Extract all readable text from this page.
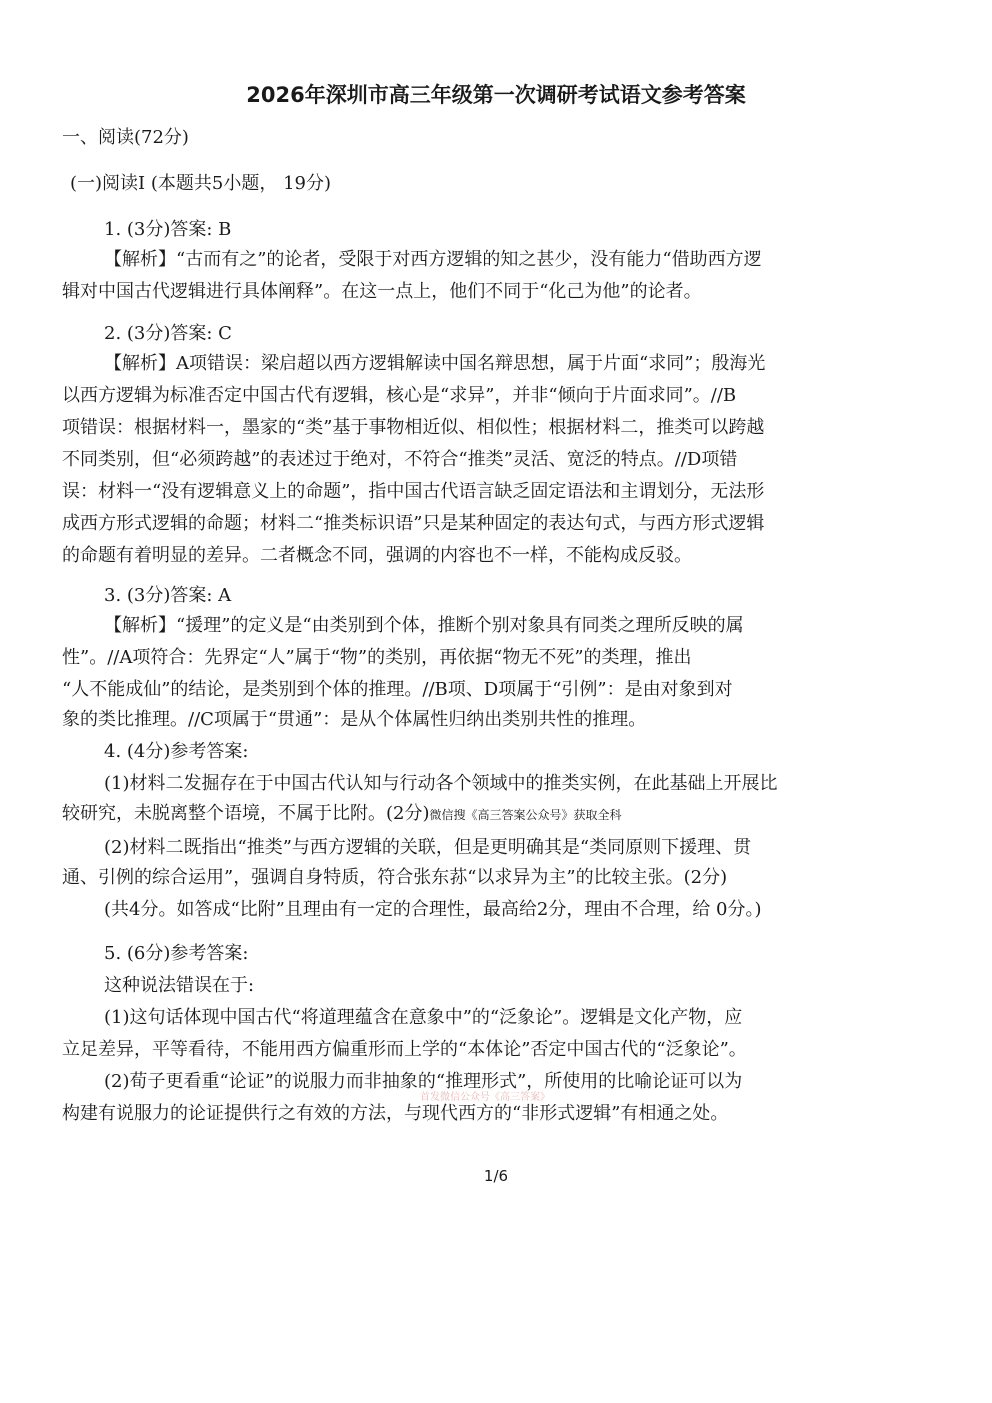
2026年深圳市高三年级第一次调研考试语文参考答案
一、阅读(72分)
(一)阅读Ⅰ (本题共5小题， 19分)
1. (3分)答案: B
【解析】“古而有之”的论者，受限于对西方逻辑的知之甚少，没有能力“借助西方逻
辑对中国古代逻辑进行具体阐释”。在这一点上，他们不同于“化己为他”的论者。
2. (3分)答案: C
【解析】A项错误：梁启超以西方逻辑解读中国名辩思想，属于片面“求同”；殷海光
以西方逻辑为标准否定中国古代有逻辑，核心是“求异”，并非“倾向于片面求同”。//B
项错误：根据材料一，墨家的“类”基于事物相近似、相似性；根据材料二，推类可以跨越
不同类别，但“必须跨越”的表述过于绝对，不符合“推类”灵活、宽泛的特点。//D项错
误：材料一“没有逻辑意义上的命题”，指中国古代语言缺乏固定语法和主谓划分，无法形
成西方形式逻辑的命题；材料二“推类标识语”只是某种固定的表达句式，与西方形式逻辑
的命题有着明显的差异。二者概念不同，强调的内容也不一样，不能构成反驳。
3. (3分)答案: A
【解析】“援理”的定义是“由类别到个体，推断个别对象具有同类之理所反映的属
性”。//A项符合：先界定“人”属于“物”的类别，再依据“物无不死”的类理，推出
“人不能成仙”的结论，是类别到个体的推理。//B项、D项属于“引例”：是由对象到对
象的类比推理。//C项属于“贯通”：是从个体属性归纳出类别共性的推理。
4. (4分)参考答案:
(1)材料二发掘存在于中国古代认知与行动各个领域中的推类实例，在此基础上开展比
较研究，未脱离整个语境，不属于比附。(2分)微信搜《高三答案公众号》获取全科
(2)材料二既指出“推类”与西方逻辑的关联，但是更明确其是“类同原则下援理、贯
通、引例的综合运用”，强调自身特质，符合张东荪“以求异为主”的比较主张。(2分)
(共4分。如答成“比附”且理由有一定的合理性，最高给2分，理由不合理，给 0分。)
5. (6分)参考答案:
这种说法错误在于:
(1)这句话体现中国古代“将道理蕴含在意象中”的“泛象论”。逻辑是文化产物，应
立足差异，平等看待，不能用西方偏重形而上学的“本体论”否定中国古代的“泛象论”。
(2)荀子更看重“论证”的说服力而非抽象的“推理形式”，所使用的比喻论证可以为
首发微信公众号《高三答案》
构建有说服力的论证提供行之有效的方法，与现代西方的“非形式逻辑”有相通之处。
1/6
